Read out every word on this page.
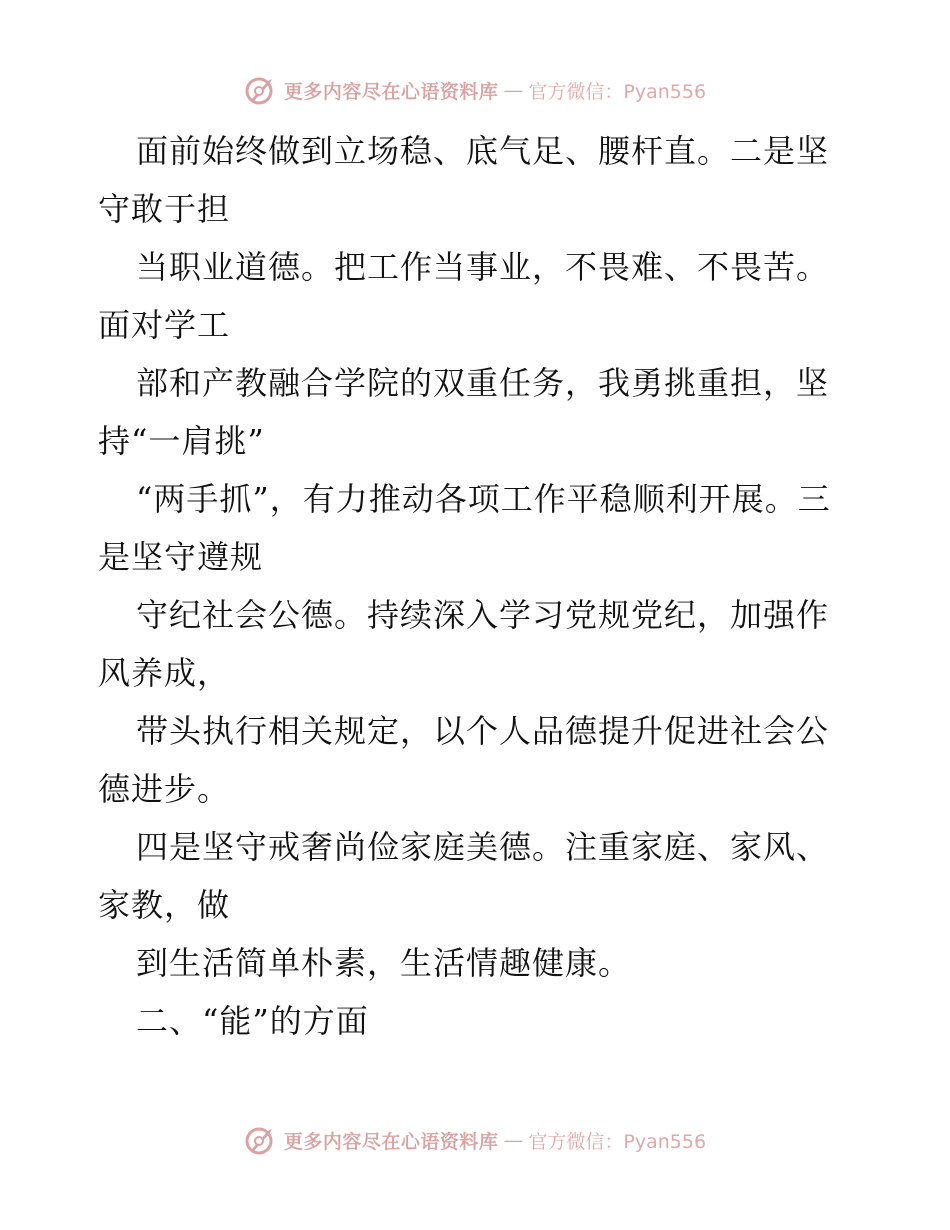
更多内容尽在心语资料库 — 官方微信：Pyan556

面前始终做到立场稳、底气足、腰杆直。二是坚守敢于担

当职业道德。把工作当事业，不畏难、不畏苦。面对学工

部和产教融合学院的双重任务，我勇挑重担，坚持“一肩挑”

“两手抓”，有力推动各项工作平稳顺利开展。三是坚守遵规

守纪社会公德。持续深入学习党规党纪，加强作风养成，

带头执行相关规定，以个人品德提升促进社会公德进步。

四是坚守戒奢尚俭家庭美德。注重家庭、家风、家教，做

到生活简单朴素，生活情趣健康。

二、“能”的方面

更多内容尽在心语资料库 — 官方微信：Pyan556
